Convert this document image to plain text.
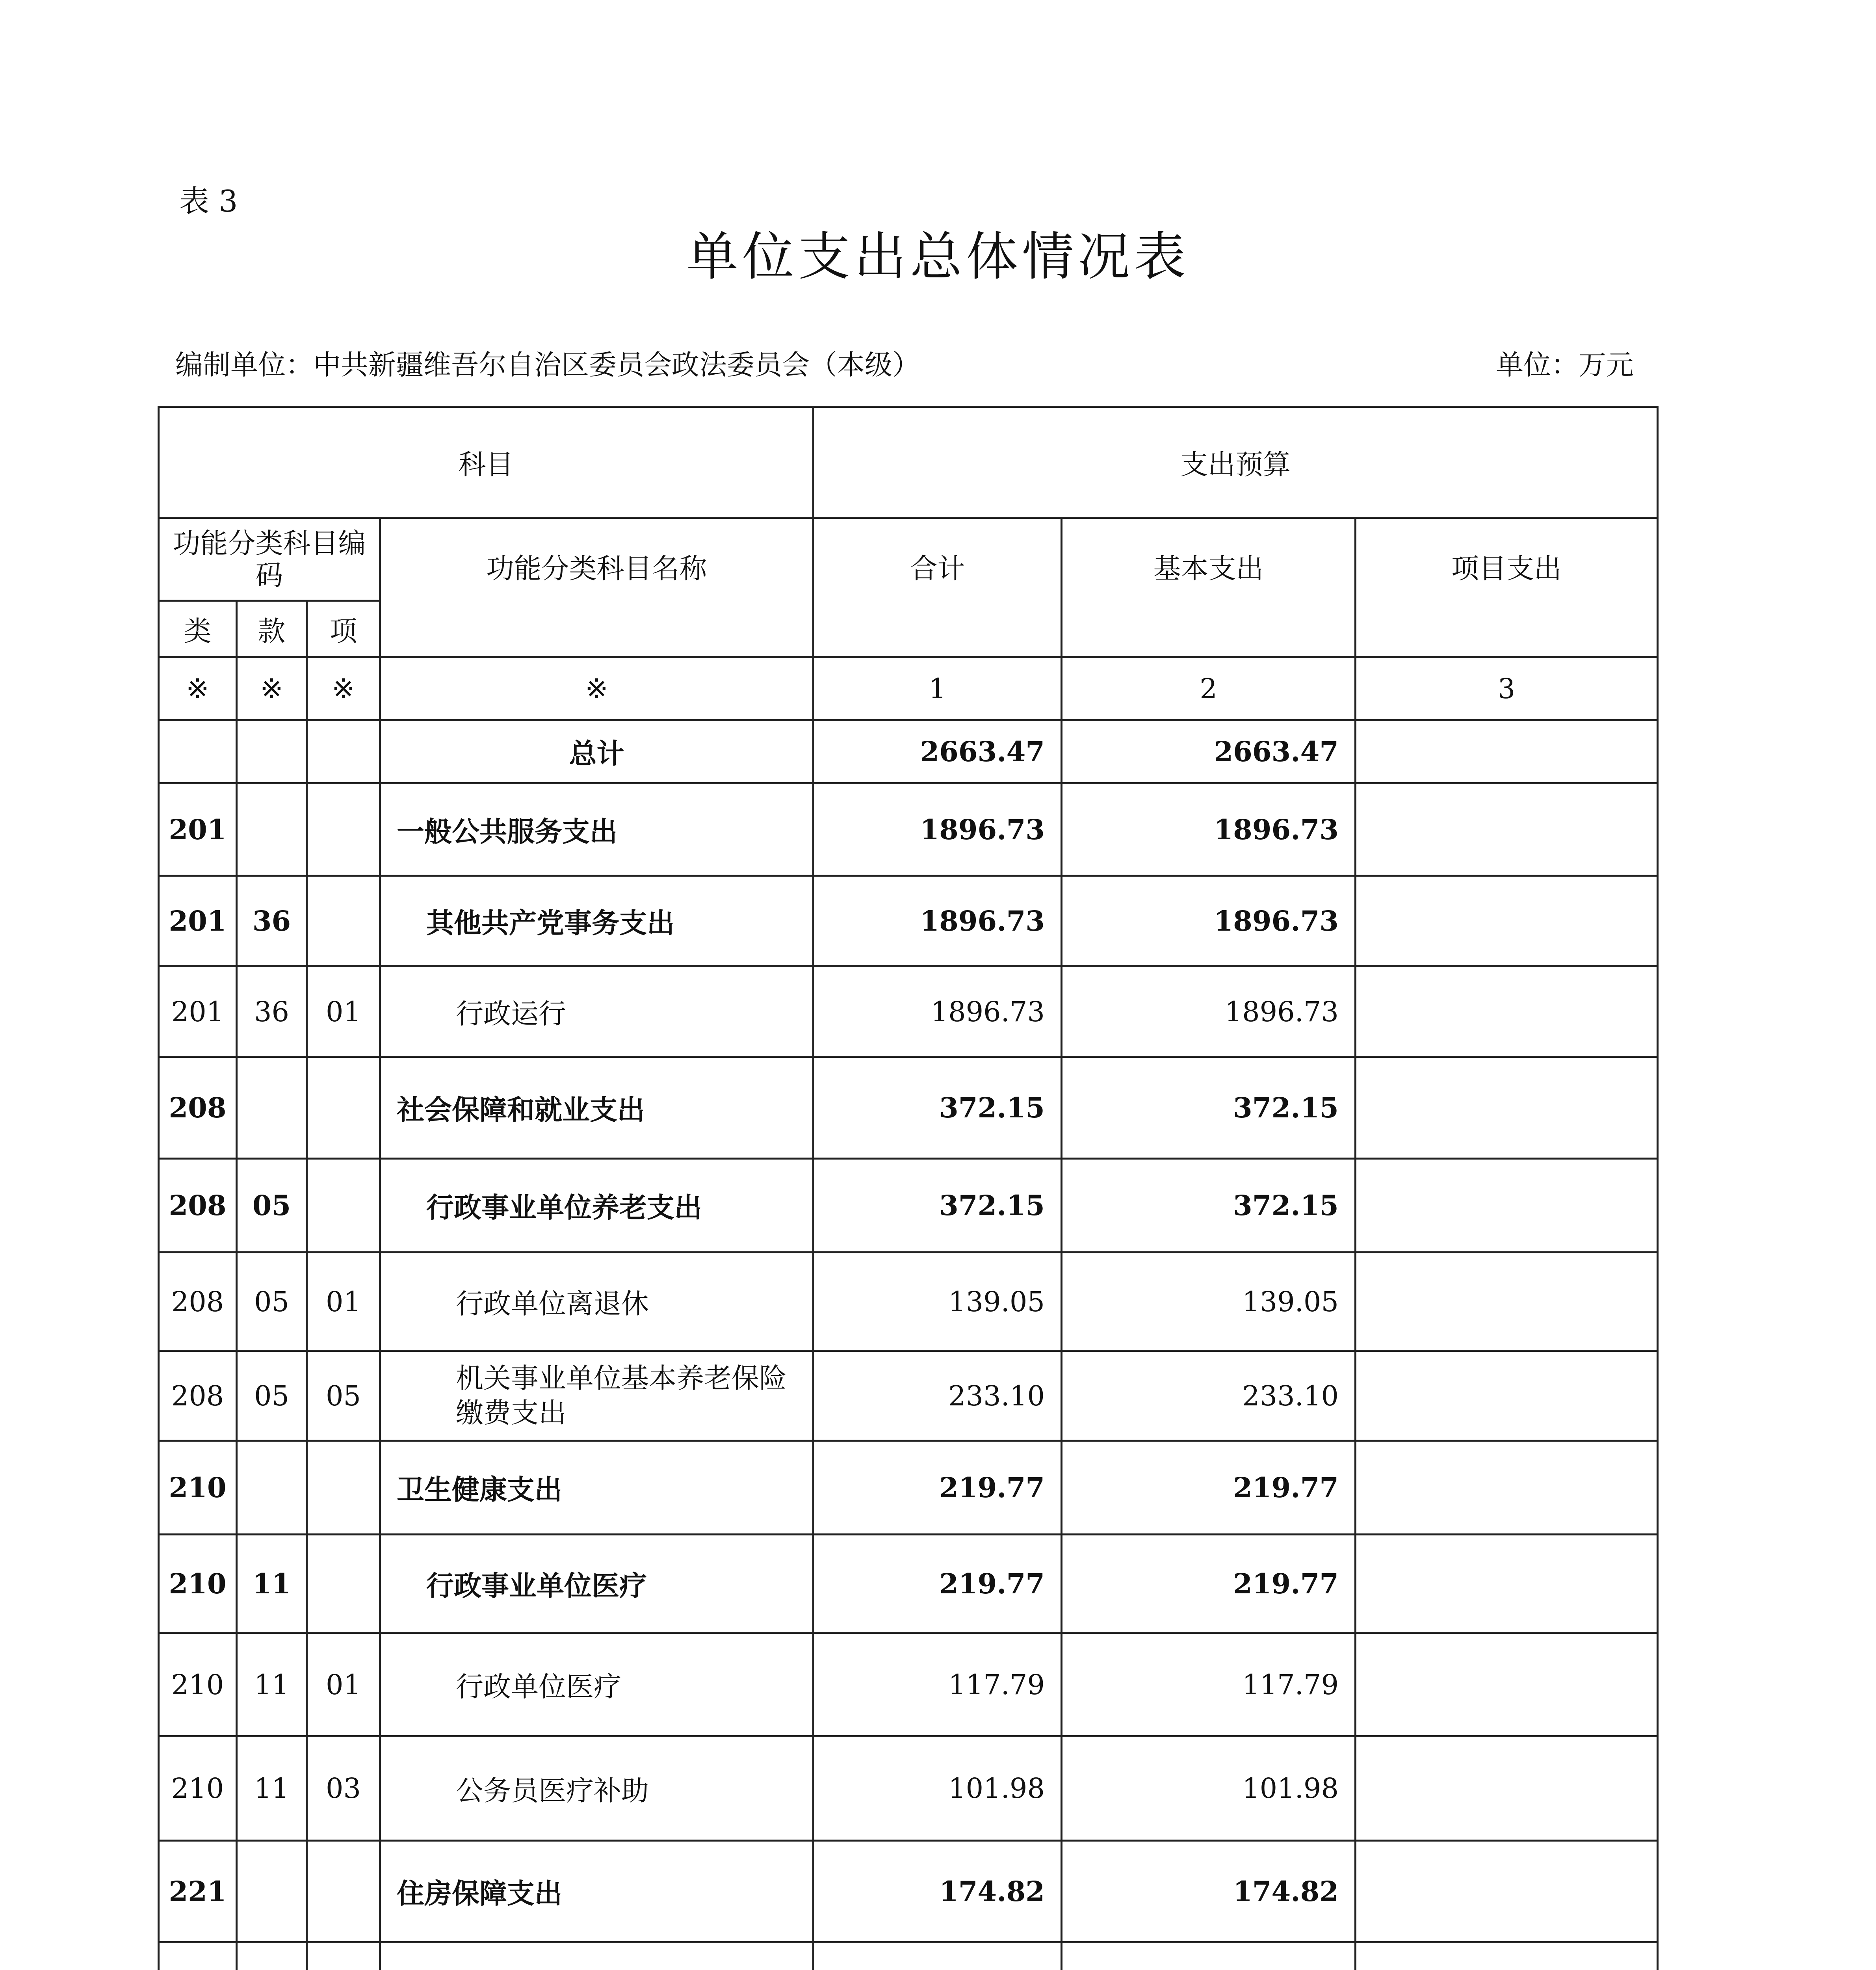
表 3
单位支出总体情况表
编制单位：中共新疆维吾尔自治区委员会政法委员会（本级）	单位：万元
科目				支出预算		
功能分类科目编码			功能分类科目名称	合计	基本支出	项目支出
类	款	项				
※	※	※	※	1	2	3
			总计	2663.47	2663.47	
201			一般公共服务支出	1896.73	1896.73	
201	36		其他共产党事务支出	1896.73	1896.73	
201	36	01	行政运行	1896.73	1896.73	
208			社会保障和就业支出	372.15	372.15	
208	05		行政事业单位养老支出	372.15	372.15	
208	05	01	行政单位离退休	139.05	139.05	
208	05	05	机关事业单位基本养老保险缴费支出	233.10	233.10	
210			卫生健康支出	219.77	219.77	
210	11		行政事业单位医疗	219.77	219.77	
210	11	01	行政单位医疗	117.79	117.79	
210	11	03	公务员医疗补助	101.98	101.98	
221			住房保障支出	174.82	174.82	
